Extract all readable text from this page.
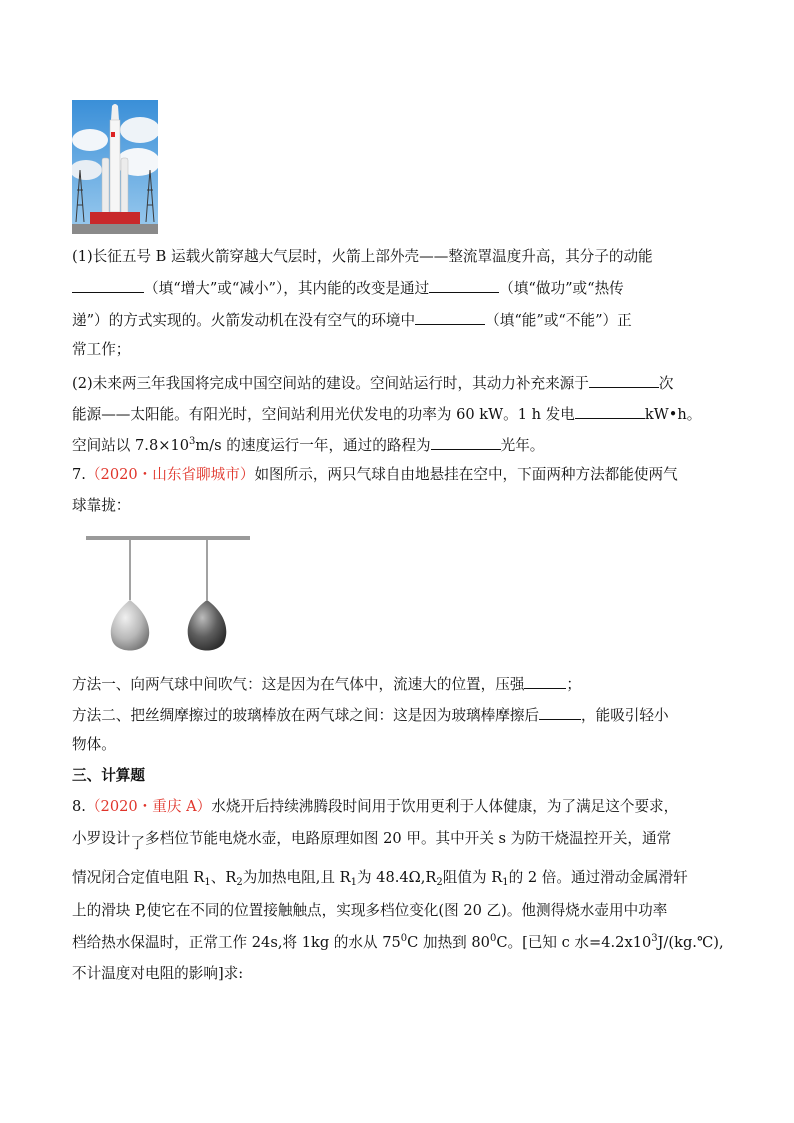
(1)长征五号 B 运载火箭穿越大气层时，火箭上部外壳——整流罩温度升高，其分子的动能
（填“增大”或“减小”），其内能的改变是通过	（填“做功”或“热传
递”）的方式实现的。火箭发动机在没有空气的环境中	（填“能”或“不能”）正
常工作；
(2)未来两三年我国将完成中国空间站的建设。空间站运行时，其动力补充来源于	次
能源——太阳能。有阳光时，空间站利用光伏发电的功率为 60 kW。1 h 发电	kW•h。
空间站以 $7.8\times 10^3m/s$ 的速度运行一年，通过的路程为	光年。
7.（2020・山东省聊城市）如图所示，两只气球自由地悬挂在空中，下面两种方法都能使两气
球靠拢：
方法一、向两气球中间吹气：这是因为在气体中，流速大的位置，压强	；
方法二、把丝绸摩擦过的玻璃棒放在两气球之间：这是因为玻璃棒摩擦后	，能吸引轻小
物体。
三、计算题
8.（2020・重庆 A）水烧开后持续沸腾段时间用于饮用更利于人体健康，为了满足这个要求，
小罗设计了多档位节能电烧水壶，电路原理如图 20 甲。其中开关 s 为防干烧温控开关，通常
情况闭合定值电阻 $R_1$、$R_2$为加热电阻,且 $R_1$为 $48.4\Omega,R_2$阻值为 $R_1$的 2 倍。通过滑动金属滑轩
上的滑块 P,使它在不同的位置接触触点，实现多档位变化(图 20 乙)。他测得烧水壶用中功率
档给热水保温时，正常工作 24s,将 1kg 的水从 $75^0C$ 加热到 $80^0C$。[已知 c 水$=4.2x10^3J/(kg.℃)$,
不计温度对电阻的影响]求:
